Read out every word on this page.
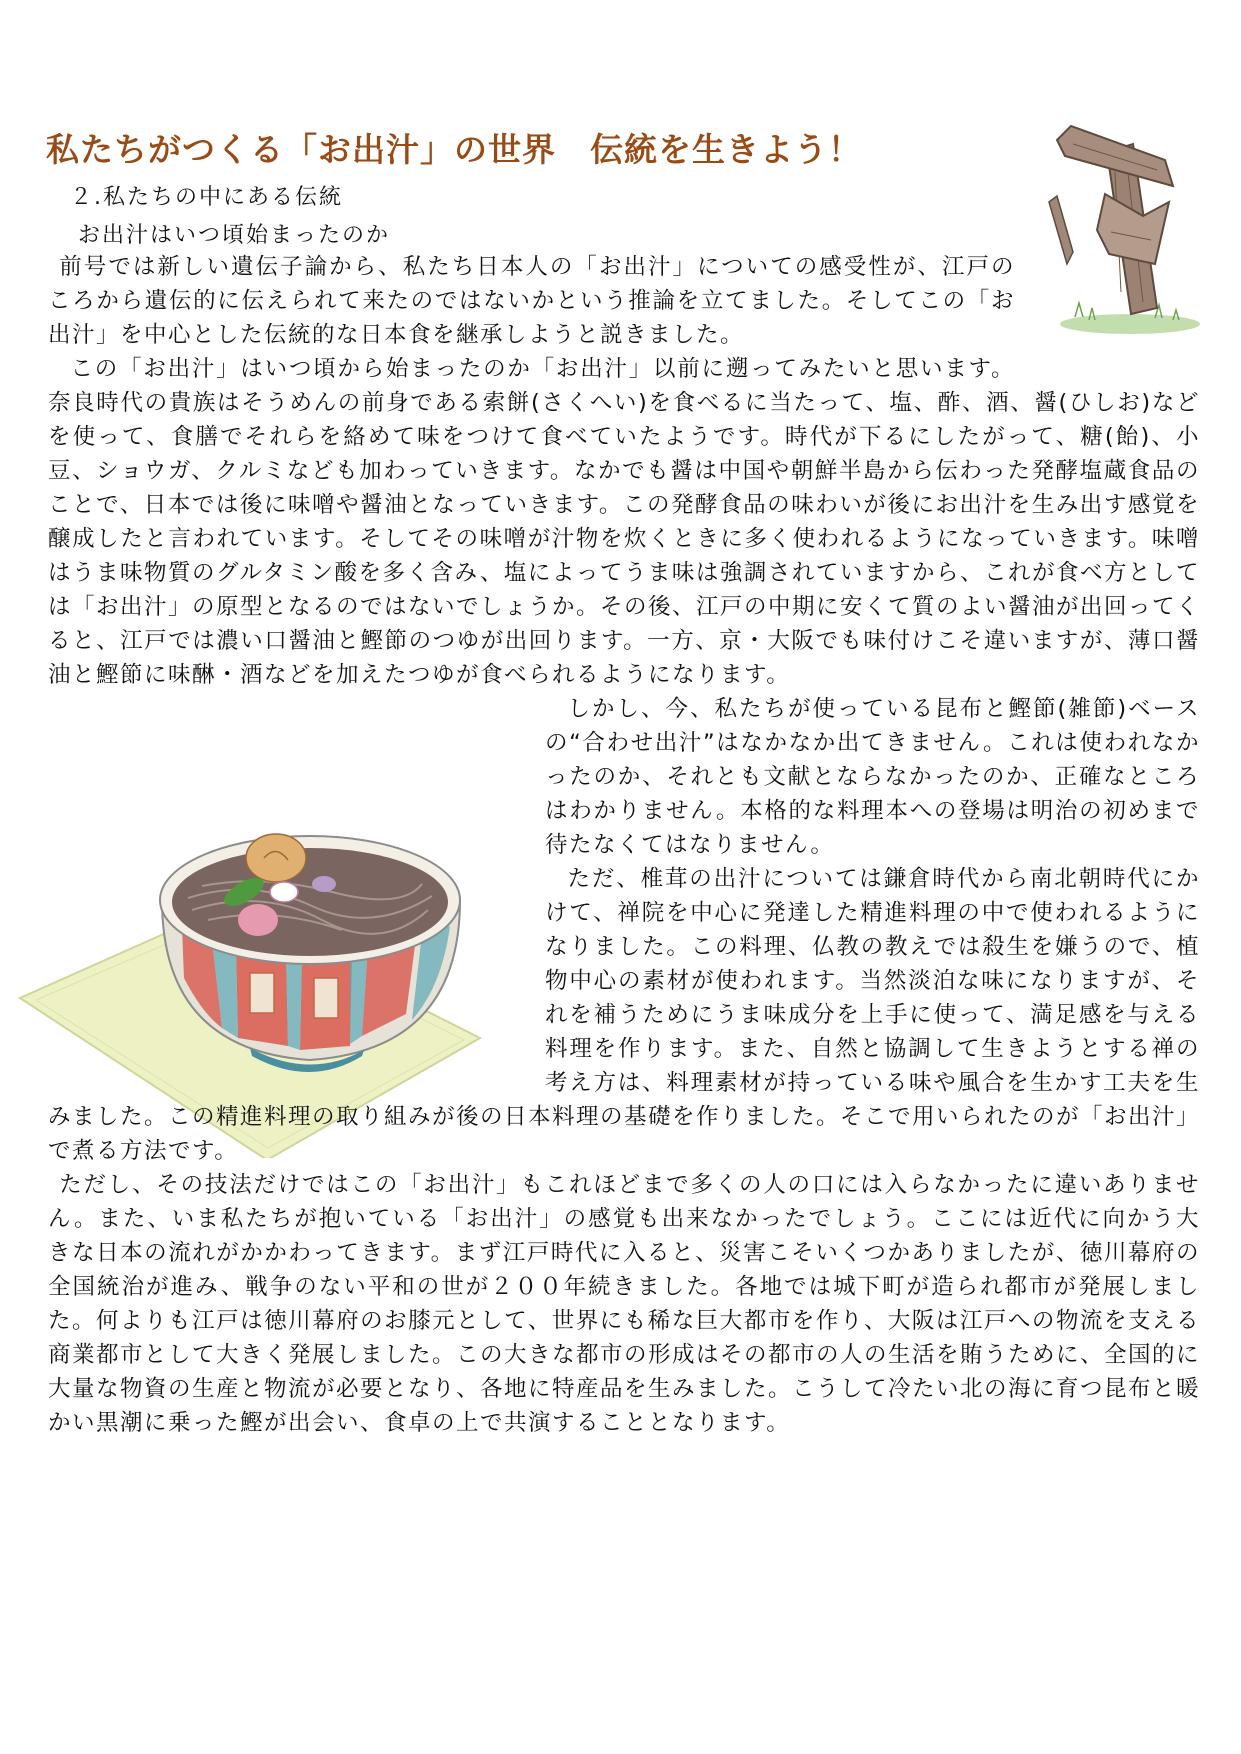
私たちがつくる「お出汁」の世界　伝統を生きよう！
２.私たちの中にある伝統
お出汁はいつ頃始まったのか

前号では新しい遺伝子論から、私たち日本人の「お出汁」についての感受性が、江戸のころから遺伝的に伝えられて来たのではないかという推論を立てました。そしてこの「お出汁」を中心とした伝統的な日本食を継承しようと説きました。

この「お出汁」はいつ頃から始まったのか「お出汁」以前に遡ってみたいと思います。奈良時代の貴族はそうめんの前身である索餅(さくへい)を食べるに当たって、塩、酢、酒、醤(ひしお)などを使って、食膳でそれらを絡めて味をつけて食べていたようです。時代が下るにしたがって、糖(飴)、小豆、ショウガ、クルミなども加わっていきます。なかでも醤は中国や朝鮮半島から伝わった発酵塩蔵食品のことで、日本では後に味噌や醤油となっていきます。この発酵食品の味わいが後にお出汁を生み出す感覚を醸成したと言われています。そしてその味噌が汁物を炊くときに多く使われるようになっていきます。味噌はうま味物質のグルタミン酸を多く含み、塩によってうま味は強調されていますから、これが食べ方としては「お出汁」の原型となるのではないでしょうか。その後、江戸の中期に安くて質のよい醤油が出回ってくると、江戸では濃い口醤油と鰹節のつゆが出回ります。一方、京・大阪でも味付けこそ違いますが、薄口醤油と鰹節に味醂・酒などを加えたつゆが食べられるようになります。

しかし、今、私たちが使っている昆布と鰹節(雑節)ベースの“合わせ出汁”はなかなか出てきません。これは使われなかったのか、それとも文献とならなかったのか、正確なところはわかりません。本格的な料理本への登場は明治の初めまで待たなくてはなりません。

ただ、椎茸の出汁については鎌倉時代から南北朝時代にかけて、禅院を中心に発達した精進料理の中で使われるようになりました。この料理、仏教の教えでは殺生を嫌うので、植物中心の素材が使われます。当然淡泊な味になりますが、それを補うためにうま味成分を上手に使って、満足感を与える料理を作ります。また、自然と協調して生きようとする禅の考え方は、料理素材が持っている味や風合を生かす工夫を生みました。この精進料理の取り組みが後の日本料理の基礎を作りました。そこで用いられたのが「お出汁」で煮る方法です。

ただし、その技法だけではこの「お出汁」もこれほどまで多くの人の口には入らなかったに違いありません。また、いま私たちが抱いている「お出汁」の感覚も出来なかったでしょう。ここには近代に向かう大きな日本の流れがかかわってきます。まず江戸時代に入ると、災害こそいくつかありましたが、徳川幕府の全国統治が進み、戦争のない平和の世が２００年続きました。各地では城下町が造られ都市が発展しました。何よりも江戸は徳川幕府のお膝元として、世界にも稀な巨大都市を作り、大阪は江戸への物流を支える商業都市として大きく発展しました。この大きな都市の形成はその都市の人の生活を賄うために、全国的に大量な物資の生産と物流が必要となり、各地に特産品を生みました。こうして冷たい北の海に育つ昆布と暖かい黒潮に乗った鰹が出会い、食卓の上で共演することとなります。
